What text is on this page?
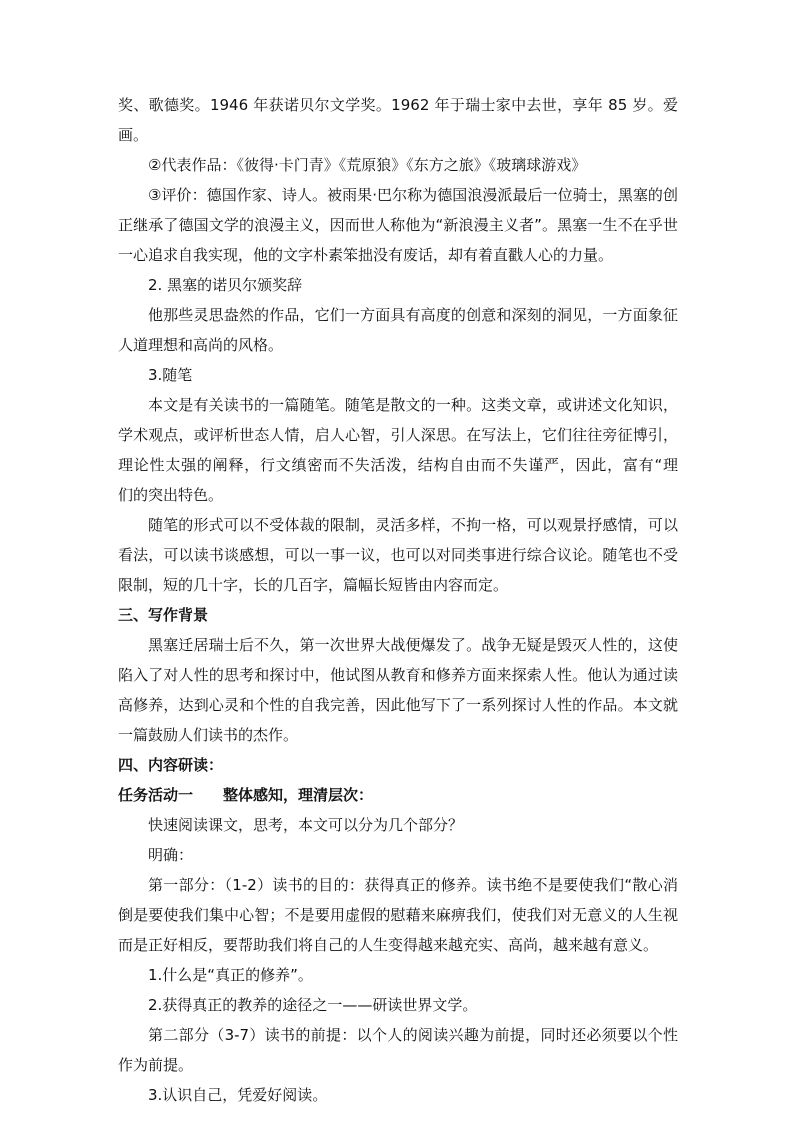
奖、歌德奖。1946 年获诺贝尔文学奖。1962 年于瑞士家中去世，享年 85 岁。爱
画。
②代表作品：《彼得·卡门青》《荒原狼》《东方之旅》《玻璃球游戏》
③评价：德国作家、诗人。被雨果·巴尔称为德国浪漫派最后一位骑士，黑塞的创
正继承了德国文学的浪漫主义，因而世人称他为“新浪漫主义者”。黑塞一生不在乎世
一心追求自我实现，他的文字朴素笨拙没有废话，却有着直戳人心的力量。
2. 黑塞的诺贝尔颁奖辞
他那些灵思盎然的作品，它们一方面具有高度的创意和深刻的洞见，一方面象征
人道理想和高尚的风格。
3.随笔
本文是有关读书的一篇随笔。随笔是散文的一种。这类文章，或讲述文化知识，
学术观点，或评析世态人情，启人心智，引人深思。在写法上，它们往往旁征博引，
理论性太强的阐释，行文缜密而不失活泼，结构自由而不失谨严，因此，富有“理
们的突出特色。
随笔的形式可以不受体裁的限制，灵活多样，不拘一格，可以观景抒感情，可以
看法，可以读书谈感想，可以一事一议，也可以对同类事进行综合议论。随笔也不受
限制，短的几十字，长的几百字，篇幅长短皆由内容而定。
三、写作背景
黑塞迁居瑞士后不久，第一次世界大战便爆发了。战争无疑是毁灭人性的，这使
陷入了对人性的思考和探讨中，他试图从教育和修养方面来探索人性。他认为通过读
高修养，达到心灵和个性的自我完善，因此他写下了一系列探讨人性的作品。本文就
一篇鼓励人们读书的杰作。
四、内容研读：
任务活动一　　整体感知，理清层次：
快速阅读课文，思考，本文可以分为几个部分？
明确：
第一部分：（1-2）读书的目的：获得真正的修养。读书绝不是要使我们“散心消
倒是要使我们集中心智；不是要用虚假的慰藉来麻痹我们，使我们对无意义的人生视
而是正好相反，要帮助我们将自己的人生变得越来越充实、高尚，越来越有意义。
1.什么是“真正的修养”。
2.获得真正的教养的途径之一——研读世界文学。
第二部分（3-7）读书的前提：以个人的阅读兴趣为前提，同时还必须要以个性
作为前提。
3.认识自己，凭爱好阅读。
